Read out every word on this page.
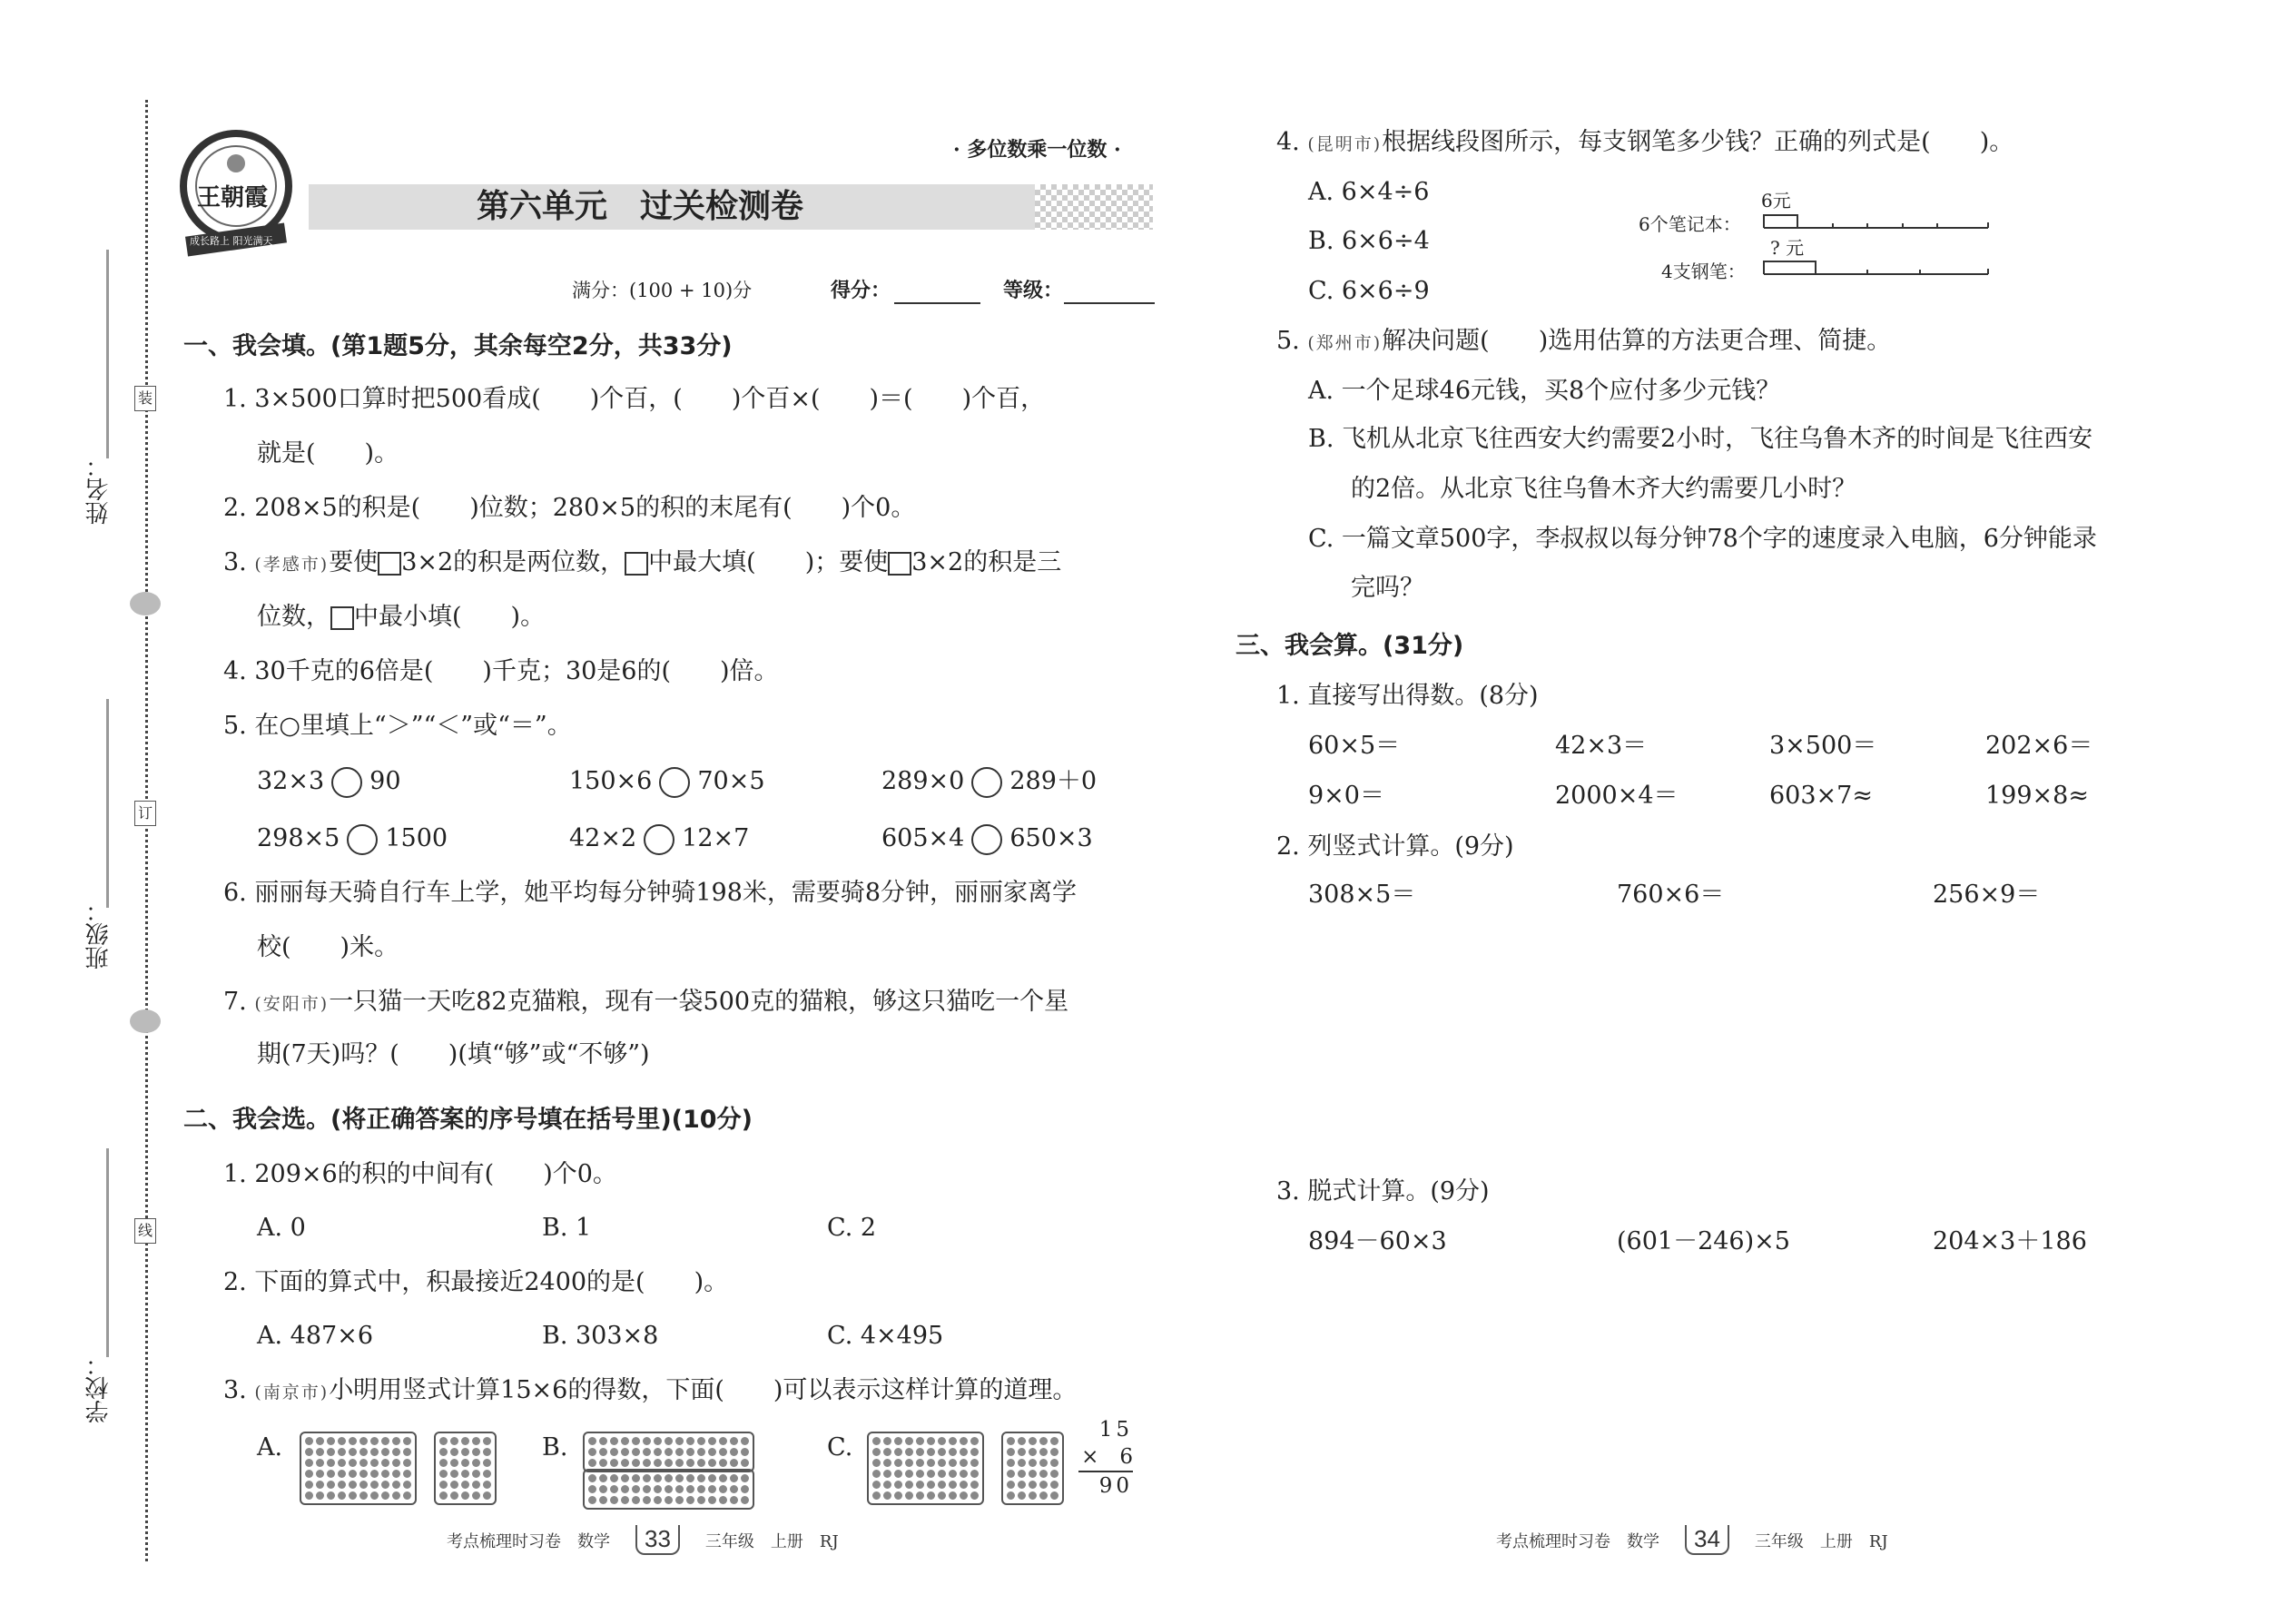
姓名：
班级：
学校：
装
订
线
王朝霞
成长路上 阳光满天
· 多位数乘一位数 ·
第六单元　过关检测卷
满分：(100 + 10)分	得分：	等级：
一、我会填。(第1题5分，其余每空2分，共33分)
1. 3×500口算时把500看成(　　)个百，(　　)个百×(　　)＝(　　)个百，
就是(　　)。
2. 208×5的积是(　　)位数；280×5的积的末尾有(　　)个0。
3. (孝感市)要使 3×2的积是两位数， 中最大填(　　)；要使 3×2的积是三
位数， 中最小填(　　)。
4. 30千克的6倍是(　　)千克；30是6的(　　)倍。
5. 在○里填上“＞”“＜”或“＝”。
32×3 90	150×6 70×5	289×0 289＋0
298×5 1500	42×2 12×7	605×4 650×3
6. 丽丽每天骑自行车上学，她平均每分钟骑198米，需要骑8分钟，丽丽家离学
校(　　)米。
7. (安阳市)一只猫一天吃82克猫粮，现有一袋500克的猫粮，够这只猫吃一个星
期(7天)吗？(　　)(填“够”或“不够”)
二、我会选。(将正确答案的序号填在括号里)(10分)
1. 209×6的积的中间有(　　)个0。
A. 0	B. 1	C. 2
2. 下面的算式中，积最接近2400的是(　　)。
A. 487×6	B. 303×8	C. 4×495
3. (南京市)小明用竖式计算15×6的得数，下面(　　)可以表示这样计算的道理。
A.	B.	C.
15
×　6
90
4. (昆明市)根据线段图所示，每支钢笔多少钱？正确的列式是(　　)。
A. 6×4÷6
B. 6×6÷4
C. 6×6÷9
6元
6个笔记本：
? 元
4支钢笔：
5. (郑州市)解决问题(　　)选用估算的方法更合理、简捷。
A. 一个足球46元钱，买8个应付多少元钱？
B. 飞机从北京飞往西安大约需要2小时，飞往乌鲁木齐的时间是飞往西安
的2倍。从北京飞往乌鲁木齐大约需要几小时？
C. 一篇文章500字，李叔叔以每分钟78个字的速度录入电脑，6分钟能录
完吗？
三、我会算。(31分)
1. 直接写出得数。(8分)
60×5＝	42×3＝	3×500＝	202×6＝
9×0＝	2000×4＝	603×7≈	199×8≈
2. 列竖式计算。(9分)
308×5＝	760×6＝	256×9＝
3. 脱式计算。(9分)
894－60×3	(601－246)×5	204×3＋186
考点梳理时习卷　数学 33 三年级　上册　RJ	考点梳理时习卷　数学 34 三年级　上册　RJ
